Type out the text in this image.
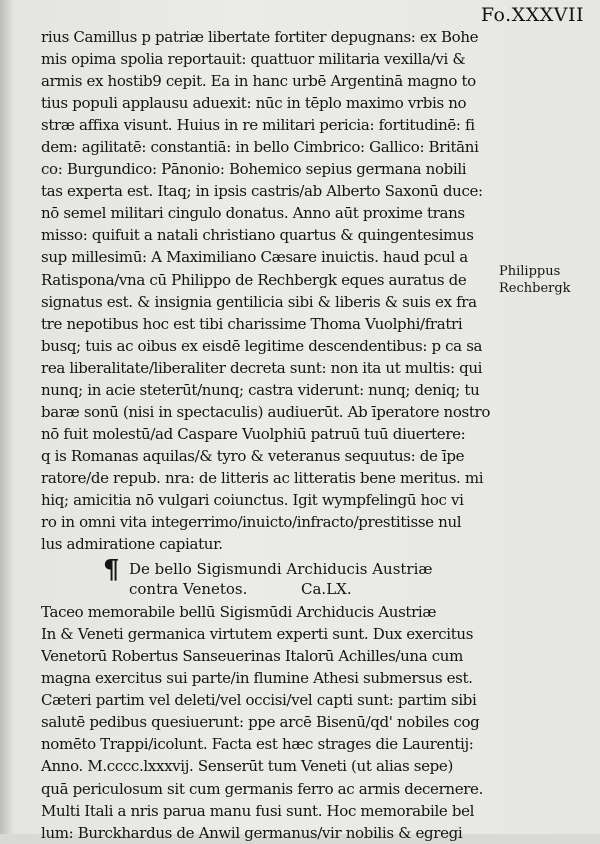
Fo.XXXVII
rius Camillus p patriæ libertate fortiter depugnans: ex Bohe
mis opima spolia reportauit: quattuor militaria vexilla/vi &
armis ex hostib9 cepit. Ea in hanc urbē Argentinā magno to
tius populi applausu aduexit: nūc in tēplo maximo vrbis no
stræ affixa visunt. Huius in re militari pericia: fortitudinē: fi
dem: agilitatē: constantiā: in bello Cimbrico: Gallico: Britāni
co: Burgundico: Pānonio: Bohemico sepius germana nobili
tas experta est. Itaq; in ipsis castris/ab Alberto Saxonū duce:
nō semel militari cingulo donatus. Anno aūt proxime trans
misso: quifuit a natali christiano quartus & quingentesimus
sup millesimū: A Maximiliano Cæsare inuictis. haud pcul a
Ratispona/vna cū Philippo de Rechbergk eques auratus de
signatus est. & insignia gentilicia sibi & liberis & suis ex fra
tre nepotibus hoc est tibi charissime Thoma Vuolphi/fratri
busq; tuis ac oibus ex eisdē legitime descendentibus: p ca sa
rea liberalitate/liberaliter decreta sunt: non ita ut multis: qui
nunq; in acie steterūt/nunq; castra viderunt: nunq; deniq; tu
baræ sonū (nisi in spectaculis) audiuerūt. Ab īperatore nostro
nō fuit molestū/ad Caspare Vuolphiū patruū tuū diuertere:
q is Romanas aquilas/& tyro & veteranus sequutus: de īpe
ratore/de repub. nra: de litteris ac litteratis bene meritus. mi
hiq; amicitia nō vulgari coiunctus. Igit wympfelingū hoc vi
ro in omni vita integerrimo/inuicto/infracto/prestitisse nul
lus admiratione capiatur.
¶ De bello Sigismundi Archiducis Austriæ
contra Venetos.	Ca.LX.
Taceo memorabile bellū Sigismūdi Archiducis Austriæ
In & Veneti germanica virtutem experti sunt. Dux exercitus
Venetorū Robertus Sanseuerinas Italorū Achilles/una cum
magna exercitus sui parte/in flumine Athesi submersus est.
Cæteri partim vel deleti/vel occisi/vel capti sunt: partim sibi
salutē pedibus quesiuerunt: ppe arcē Bisenū/qd' nobiles cog
nomēto Trappi/icolunt. Facta est hæc strages die Laurentij:
Anno. M.cccc.lxxxvij. Senserūt tum Veneti (ut alias sepe)
quā periculosum sit cum germanis ferro ac armis decernere.
Multi Itali a nris parua manu fusi sunt. Hoc memorabile bel
lum: Burckhardus de Anwil germanus/vir nobilis & egregi
Philippus
Rechbergk
